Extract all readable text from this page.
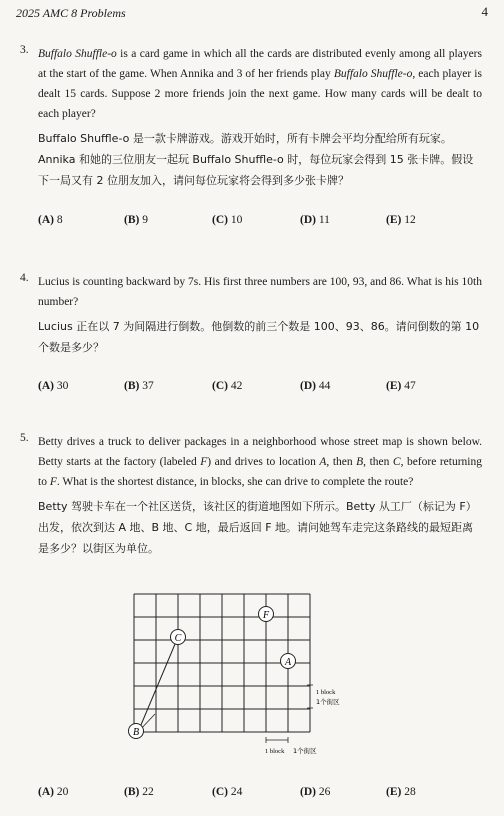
2025 AMC 8 Problems	4
3. Buffalo Shuffle-o is a card game in which all the cards are distributed evenly among all players at the start of the game. When Annika and 3 of her friends play Buffalo Shuffle-o, each player is dealt 15 cards. Suppose 2 more friends join the next game. How many cards will be dealt to each player?
Buffalo Shuffle-o 是一款卡牌游戏。游戏开始时，所有卡牌会平均分配给所有玩家。Annika 和她的三位朋友一起玩 Buffalo Shuffle-o 时，每位玩家会得到 15 张卡牌。假设下一局又有 2 位朋友加入，请问每位玩家将会得到多少张卡牌？
(A) 8	(B) 9	(C) 10	(D) 11	(E) 12
4. Lucius is counting backward by 7s. His first three numbers are 100, 93, and 86. What is his 10th number?
Lucius 正在以 7 为间隔进行倒数。他倒数的前三个数是 100、93、86。请问倒数的第 10 个数是多少？
(A) 30	(B) 37	(C) 42	(D) 44	(E) 47
5. Betty drives a truck to deliver packages in a neighborhood whose street map is shown below. Betty starts at the factory (labeled F) and drives to location A, then B, then C, before returning to F. What is the shortest distance, in blocks, she can drive to complete the route?
Betty 驾驶卡车在一个社区送货，该社区的街道地图如下所示。Betty 从工厂（标记为 F）出发，依次到达 A 地、B 地、C 地，最后返回 F 地。请问她驾车走完这条路线的最短距离是多少？以街区为单位。
F
C
A
B
1 block
1个街区
1 block 1个街区
(A) 20	(B) 22	(C) 24	(D) 26	(E) 28
